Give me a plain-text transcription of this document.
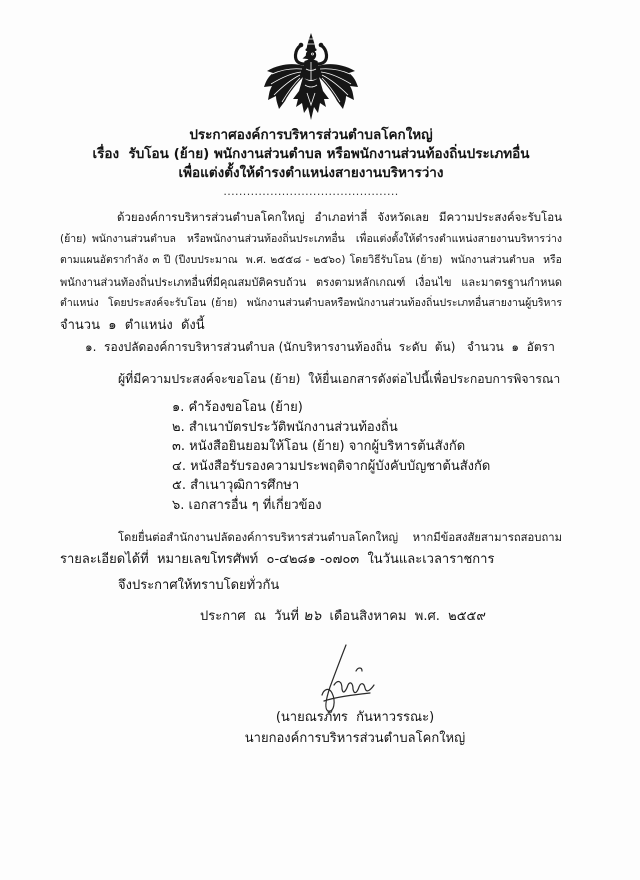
ประกาศองค์การบริหารส่วนตำบลโคกใหญ่
เรื่อง  รับโอน (ย้าย) พนักงานส่วนตำบล หรือพนักงานส่วนท้องถิ่นประเภทอื่น
เพื่อแต่งตั้งให้ดำรงตำแหน่งสายงานบริหารว่าง
.............................................
ด้วยองค์การบริหารส่วนตำบลโคกใหญ่  อำเภอท่าลี่  จังหวัดเลย  มีความประสงค์จะรับโอน
(ย้าย) พนักงานส่วนตำบล  หรือพนักงานส่วนท้องถิ่นประเภทอื่น  เพื่อแต่งตั้งให้ดำรงตำแหน่งสายงานบริหารว่าง
ตามแผนอัตรากำลัง ๓ ปี (ปีงบประมาณ  พ.ศ. ๒๕๕๘ - ๒๕๖๐) โดยวิธีรับโอน (ย้าย)  พนักงานส่วนตำบล  หรือ
พนักงานส่วนท้องถิ่นประเภทอื่นที่มีคุณสมบัติครบถ้วน  ตรงตามหลักเกณฑ์  เงื่อนไข  และมาตรฐานกำหนด
ตำแหน่ง  โดยประสงค์จะรับโอน (ย้าย)  พนักงานส่วนตำบลหรือพนักงานส่วนท้องถิ่นประเภทอื่นสายงานผู้บริหาร
จำนวน  ๑  ตำแหน่ง  ดังนี้
๑.  รองปลัดองค์การบริหารส่วนตำบล (นักบริหารงานท้องถิ่น  ระดับ  ต้น)   จำนวน  ๑  อัตรา
ผู้ที่มีความประสงค์จะขอโอน (ย้าย)  ให้ยื่นเอกสารดังต่อไปนี้เพื่อประกอบการพิจารณา
๑. คำร้องขอโอน (ย้าย)
๒. สำเนาบัตรประวัติพนักงานส่วนท้องถิ่น
๓. หนังสือยินยอมให้โอน (ย้าย) จากผู้บริหารต้นสังกัด
๔. หนังสือรับรองความประพฤติจากผู้บังคับบัญชาต้นสังกัด
๕. สำเนาวุฒิการศึกษา
๖. เอกสารอื่น ๆ ที่เกี่ยวข้อง
โดยยื่นต่อสำนักงานปลัดองค์การบริหารส่วนตำบลโคกใหญ่  หากมีข้อสงสัยสามารถสอบถาม
รายละเอียดได้ที่  หมายเลขโทรศัพท์  ๐-๔๒๘๑ -๐๗๐๓  ในวันและเวลาราชการ
จึงประกาศให้ทราบโดยทั่วกัน
ประกาศ  ณ  วันที่ ๒๖ เดือนสิงหาคม  พ.ศ.  ๒๕๕๙
(นายณรภัทร  กันหาวรรณะ)
นายกองค์การบริหารส่วนตำบลโคกใหญ่
